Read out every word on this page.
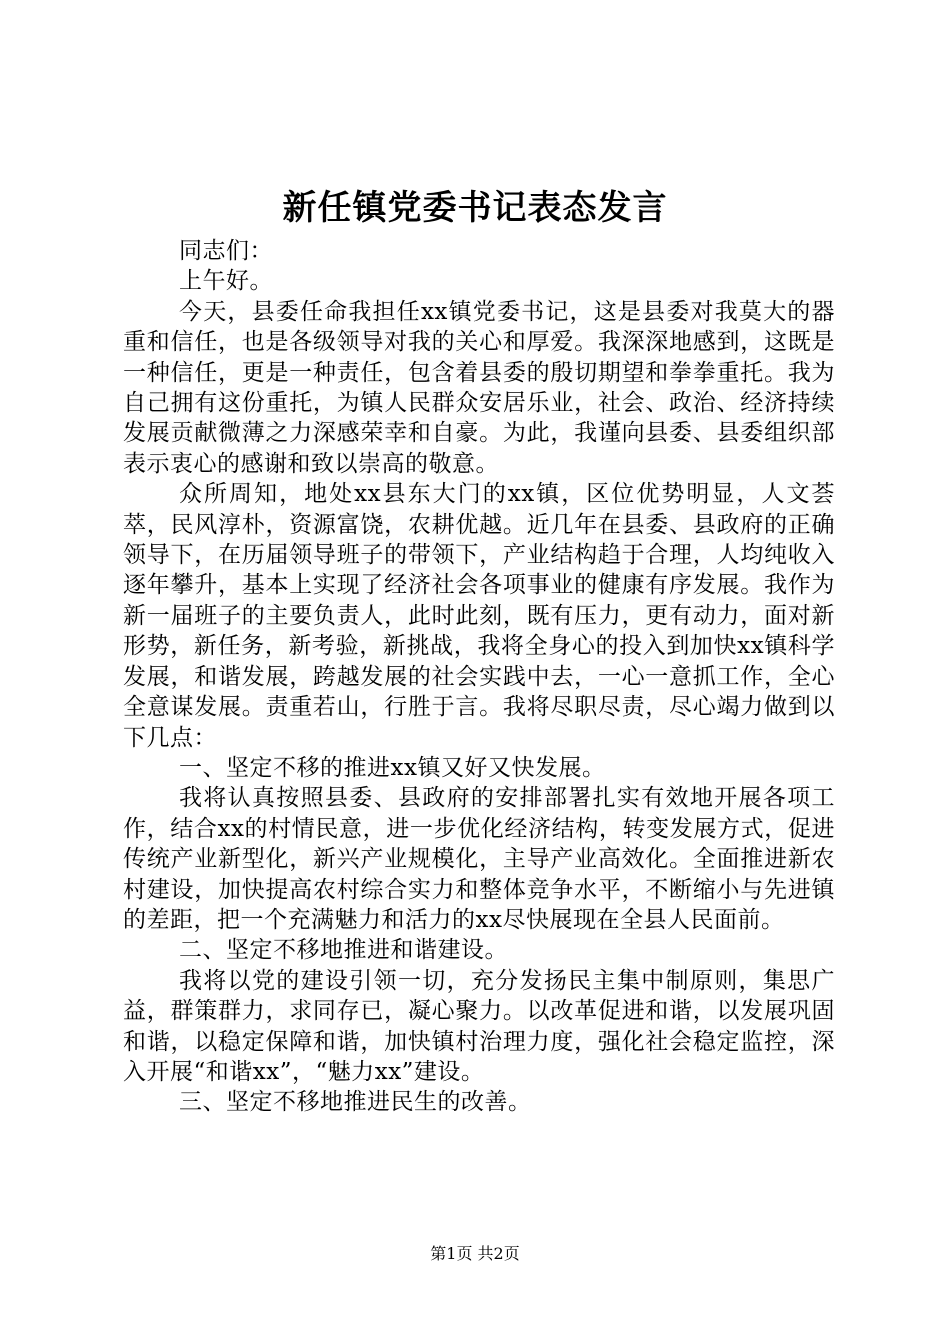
新任镇党委书记表态发言

同志们：

上午好。

今天，县委任命我担任xx镇党委书记，这是县委对我莫大的器重和信任，也是各级领导对我的关心和厚爱。我深深地感到，这既是一种信任，更是一种责任，包含着县委的殷切期望和拳拳重托。我为自己拥有这份重托，为镇人民群众安居乐业，社会、政治、经济持续发展贡献微薄之力深感荣幸和自豪。为此，我谨向县委、县委组织部表示衷心的感谢和致以崇高的敬意。

众所周知，地处xx县东大门的xx镇，区位优势明显，人文荟萃，民风淳朴，资源富饶，农耕优越。近几年在县委、县政府的正确领导下，在历届领导班子的带领下，产业结构趋于合理，人均纯收入逐年攀升，基本上实现了经济社会各项事业的健康有序发展。我作为新一届班子的主要负责人，此时此刻，既有压力，更有动力，面对新形势，新任务，新考验，新挑战，我将全身心的投入到加快xx镇科学发展，和谐发展，跨越发展的社会实践中去，一心一意抓工作，全心全意谋发展。责重若山，行胜于言。我将尽职尽责，尽心竭力做到以下几点：

一、坚定不移的推进xx镇又好又快发展。

我将认真按照县委、县政府的安排部署扎实有效地开展各项工作，结合xx的村情民意，进一步优化经济结构，转变发展方式，促进传统产业新型化，新兴产业规模化，主导产业高效化。全面推进新农村建设，加快提高农村综合实力和整体竞争水平，不断缩小与先进镇的差距，把一个充满魅力和活力的xx尽快展现在全县人民面前。

二、坚定不移地推进和谐建设。

我将以党的建设引领一切，充分发扬民主集中制原则，集思广益，群策群力，求同存已，凝心聚力。以改革促进和谐，以发展巩固和谐，以稳定保障和谐，加快镇村治理力度，强化社会稳定监控，深入开展“和谐xx”，“魅力xx”建设。

三、坚定不移地推进民生的改善。

第1页 共2页
